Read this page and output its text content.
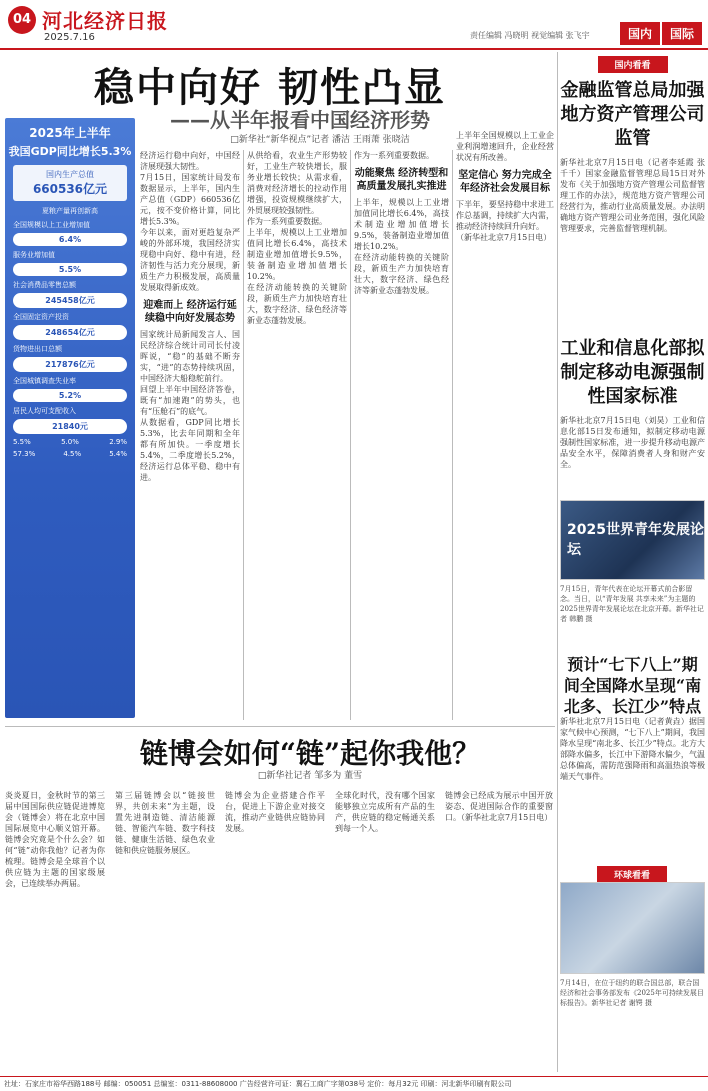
04 河北经济日报
2025.7.16	责任编辑 冯晓明 视觉编辑 张飞宇	国内	国际
稳中向好 韧性凸显
——从半年报看中国经济形势
□新华社“新华视点”记者 潘洁 王雨萧 张晓洁
2025年上半年
我国GDP同比增长5.3%
国内生产总值
660536亿元
夏粮产量再创新高
全国规模以上工业增加值
6.4%
服务业增加值
5.5%
社会消费品零售总额
245458亿元
全国固定资产投资
248654亿元
货物进出口总额
217876亿元
全国城镇调查失业率
5.2%
居民人均可支配收入
21840元
5.5%	5.0%	2.9%
57.3%	4.5%	5.4%

经济运行稳中向好，中国经济展现强大韧性。

7月15日，国家统计局发布数据显示，上半年，国内生产总值（GDP）660536亿元，按不变价格计算，同比增长5.3%。

今年以来，面对更趋复杂严峻的外部环境，我国经济实现稳中向好、稳中有进，经济韧性与活力充分展现，新质生产力积极发展，高质量发展取得新成效。

迎难而上 经济运行延续稳中向好发展态势

国家统计局新闻发言人、国民经济综合统计司司长付凌晖说，“稳”的基础不断夯实，“进”的态势持续巩固，中国经济大船稳舵前行。

回望上半年中国经济答卷，既有“加速跑”的势头，也有“压舱石”的底气。

从数据看，GDP同比增长5.3%，比去年同期和全年都有所加快。一季度增长5.4%，二季度增长5.2%，经济运行总体平稳、稳中有进。

从供给看，农业生产形势较好，工业生产较快增长，服务业增长较快；从需求看，消费对经济增长的拉动作用增强，投资规模继续扩大，外贸展现较强韧性。

作为一系列重要数据。

上半年，规模以上工业增加值同比增长6.4%，高技术制造业增加值增长9.5%，装备制造业增加值增长10.2%。

在经济动能转换的关键阶段，新质生产力加快培育壮大，数字经济、绿色经济等新业态蓬勃发展。

作为一系列重要数据。

动能聚焦 经济转型和高质量发展扎实推进

上半年，规模以上工业增加值同比增长6.4%，高技术制造业增加值增长9.5%，装备制造业增加值增长10.2%。

在经济动能转换的关键阶段，新质生产力加快培育壮大，数字经济、绿色经济等新业态蓬勃发展。

上半年全国规模以上工业企业利润增速回升，企业经营状况有所改善。

坚定信心 努力完成全年经济社会发展目标

下半年，要坚持稳中求进工作总基调，持续扩大内需，推动经济持续回升向好。

（新华社北京7月15日电）

国内看看
金融监管总局加强地方资产管理公司监管
新华社北京7月15日电（记者李延霞 张千千）国家金融监督管理总局15日对外发布《关于加强地方资产管理公司监督管理工作的办法》，规范地方资产管理公司经营行为，推动行业高质量发展。办法明确地方资产管理公司业务范围，强化风险管理要求，完善监督管理机制。
工业和信息化部拟制定移动电源强制性国家标准
新华社北京7月15日电（刘昊）工业和信息化部15日发布通知，拟制定移动电源强制性国家标准，进一步提升移动电源产品安全水平，保障消费者人身和财产安全。
2025世界青年发展论坛
7月15日，青年代表在论坛开幕式前合影留念。当日，以“青年发展 共享未来”为主题的2025世界青年发展论坛在北京开幕。新华社记者 韩鹏 摄
预计“七下八上”期间全国降水呈现“南北多、长江少”特点
新华社北京7月15日电（记者黄垚）据国家气候中心预测，“七下八上”期间，我国降水呈现“南北多、长江少”特点。北方大部降水偏多，长江中下游降水偏少，气温总体偏高，需防范强降雨和高温热浪等极端天气事件。
环球看看
7月14日，在位于纽约的联合国总部，联合国经济和社会事务部发布《2025年可持续发展目标报告》。新华社记者 谢锷 摄
链博会如何“链”起你我他？
□新华社记者 邹多为 董雪
炎炎夏日，金秋时节的第三届中国国际供应链促进博览会（链博会）将在北京中国国际展览中心顺义馆开幕。链博会究竟是个什么会？如何“链”动你我他？记者为你梳理。链博会是全球首个以供应链为主题的国家级展会，已连续举办两届。
第三届链博会以“链接世界，共创未来”为主题，设置先进制造链、清洁能源链、智能汽车链、数字科技链、健康生活链、绿色农业链和供应链服务展区。
链博会为企业搭建合作平台，促进上下游企业对接交流，推动产业链供应链协同发展。
全球化时代，没有哪个国家能够独立完成所有产品的生产，供应链的稳定畅通关系到每一个人。
链博会已经成为展示中国开放姿态、促进国际合作的重要窗口。（新华社北京7月15日电）
社址：石家庄市裕华西路188号 邮编：050051 总编室：0311-88608000 广告经营许可证：冀石工商广字第038号 定价：每月32元 印刷：河北新华印刷有限公司
